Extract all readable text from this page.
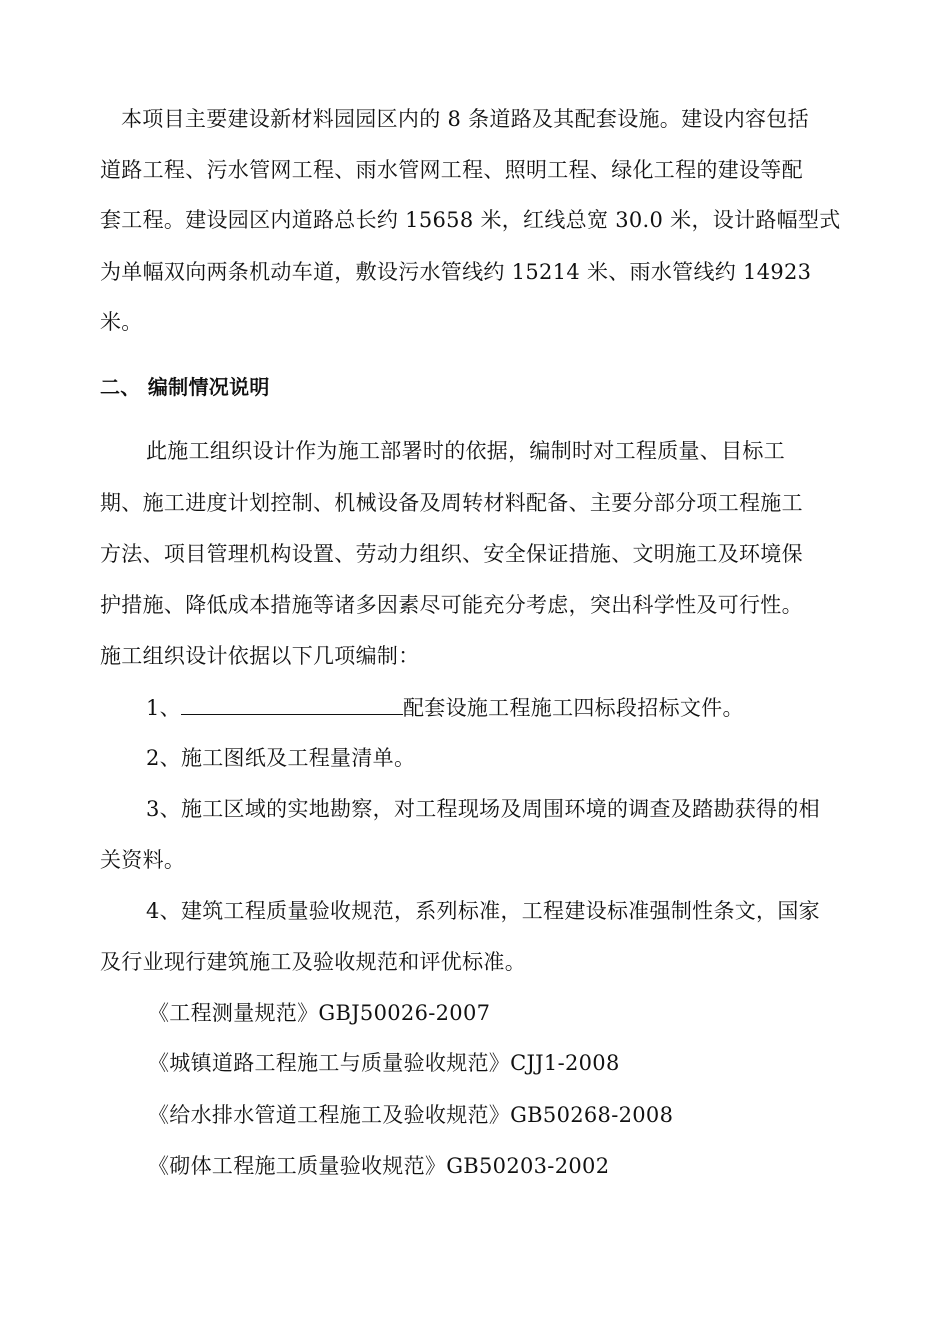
本项目主要建设新材料园园区内的 8 条道路及其配套设施。建设内容包括
道路工程、污水管网工程、雨水管网工程、照明工程、绿化工程的建设等配
套工程。建设园区内道路总长约 15658 米，红线总宽 30.0 米，设计路幅型式
为单幅双向两条机动车道，敷设污水管线约 15214 米、雨水管线约 14923
米。
二、 编制情况说明
此施工组织设计作为施工部署时的依据，编制时对工程质量、目标工
期、施工进度计划控制、机械设备及周转材料配备、主要分部分项工程施工
方法、项目管理机构设置、劳动力组织、安全保证措施、文明施工及环境保
护措施、降低成本措施等诸多因素尽可能充分考虑，突出科学性及可行性。
施工组织设计依据以下几项编制：
1、	配套设施工程施工四标段招标文件。
2、施工图纸及工程量清单。
3、施工区域的实地勘察，对工程现场及周围环境的调查及踏勘获得的相
关资料。
4、建筑工程质量验收规范，系列标准，工程建设标准强制性条文，国家
及行业现行建筑施工及验收规范和评优标准。
《工程测量规范》GBJ50026-2007
《城镇道路工程施工与质量验收规范》CJJ1-2008
《给水排水管道工程施工及验收规范》GB50268-2008
《砌体工程施工质量验收规范》GB50203-2002
